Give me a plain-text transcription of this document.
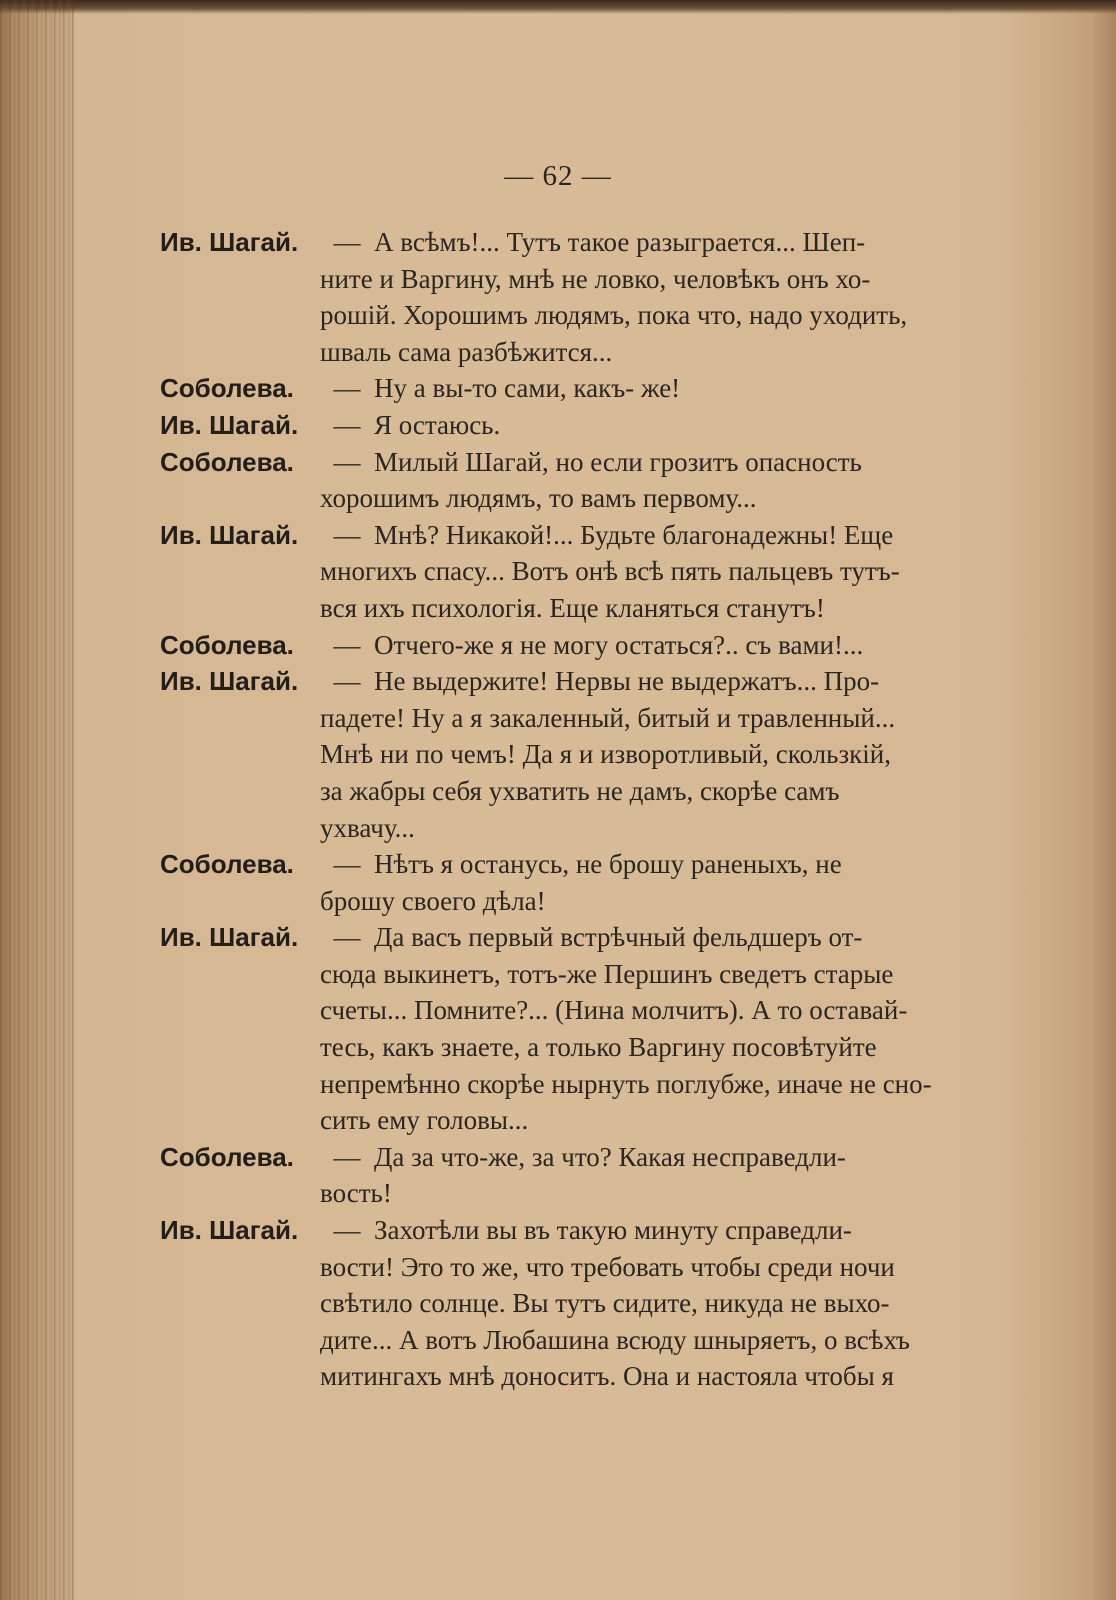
— 62 —
Ив. Шагай.	— А всѣмъ!... Тутъ такое разыграется... Шеп-
ните и Варгину, мнѣ не ловко, человѣкъ онъ хо-
рошій. Хорошимъ людямъ, пока что, надо уходить,
шваль сама разбѣжится...
Соболева.	— Ну а вы-то сами, какъ- же!
Ив. Шагай.	— Я остаюсь.
Соболева.	— Милый Шагай, но если грозитъ опасность
хорошимъ людямъ, то вамъ первому...
Ив. Шагай.	— Мнѣ? Никакой!... Будьте благонадежны! Еще
многихъ спасу... Вотъ онѣ всѣ пять пальцевъ тутъ-
вся ихъ психологія. Еще кланяться станутъ!
Соболева.	— Отчего-же я не могу остаться?.. съ вами!...
Ив. Шагай.	— Не выдержите! Нервы не выдержатъ... Про-
падете! Ну а я закаленный, битый и травленный...
Мнѣ ни по чемъ! Да я и изворотливый, скользкій,
за жабры себя ухватить не дамъ, скорѣе самъ
ухвачу...
Соболева.	— Нѣтъ я останусь, не брошу раненыхъ, не
брошу своего дѣла!
Ив. Шагай.	— Да васъ первый встрѣчный фельдшеръ от-
сюда выкинетъ, тотъ-же Першинъ сведетъ старые
счеты... Помните?... (Нина молчитъ). А то оставай-
тесь, какъ знаете, а только Варгину посовѣтуйте
непремѣнно скорѣе нырнуть поглубже, иначе не сно-
сить ему головы...
Соболева.	— Да за что-же, за что? Какая несправедли-
вость!
Ив. Шагай.	— Захотѣли вы въ такую минуту справедли-
вости! Это то же, что требовать чтобы среди ночи
свѣтило солнце. Вы тутъ сидите, никуда не выхо-
дите... А вотъ Любашина всюду шныряетъ, о всѣхъ
митингахъ мнѣ доноситъ. Она и настояла чтобы я
